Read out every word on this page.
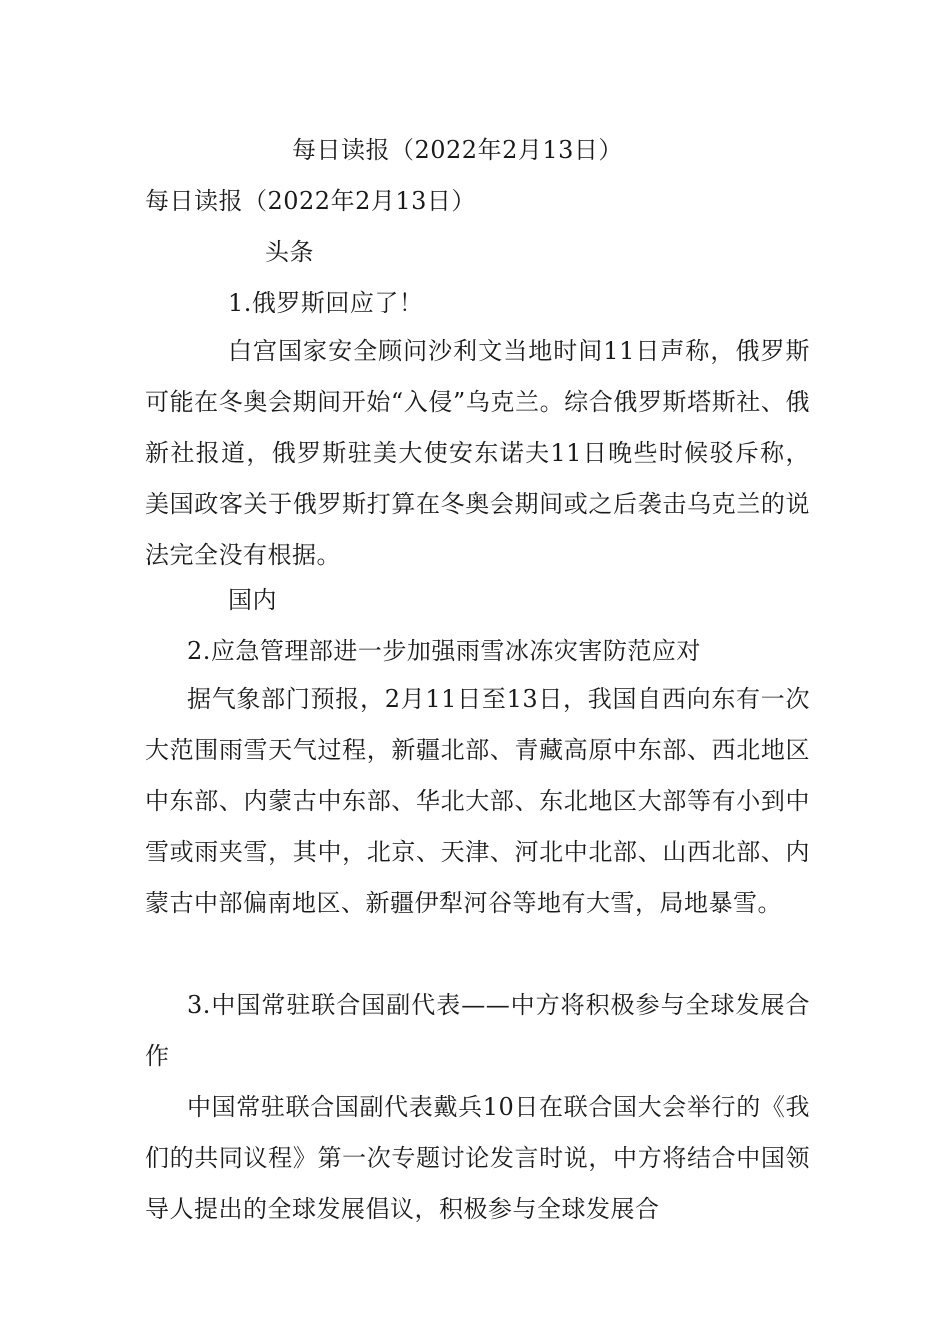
每日读报（2022年2月13日）
每日读报（2022年2月13日）
头条
1.俄罗斯回应了！
白宫国家安全顾问沙利文当地时间11日声称，俄罗斯可能在冬奥会期间开始“入侵”乌克兰。综合俄罗斯塔斯社、俄新社报道，俄罗斯驻美大使安东诺夫11日晚些时候驳斥称，美国政客关于俄罗斯打算在冬奥会期间或之后袭击乌克兰的说法完全没有根据。
国内
2.应急管理部进一步加强雨雪冰冻灾害防范应对
据气象部门预报，2月11日至13日，我国自西向东有一次大范围雨雪天气过程，新疆北部、青藏高原中东部、西北地区中东部、内蒙古中东部、华北大部、东北地区大部等有小到中雪或雨夹雪，其中，北京、天津、河北中北部、山西北部、内蒙古中部偏南地区、新疆伊犁河谷等地有大雪，局地暴雪。
3.中国常驻联合国副代表——中方将积极参与全球发展合作
中国常驻联合国副代表戴兵10日在联合国大会举行的《我们的共同议程》第一次专题讨论发言时说，中方将结合中国领导人提出的全球发展倡议，积极参与全球发展合
